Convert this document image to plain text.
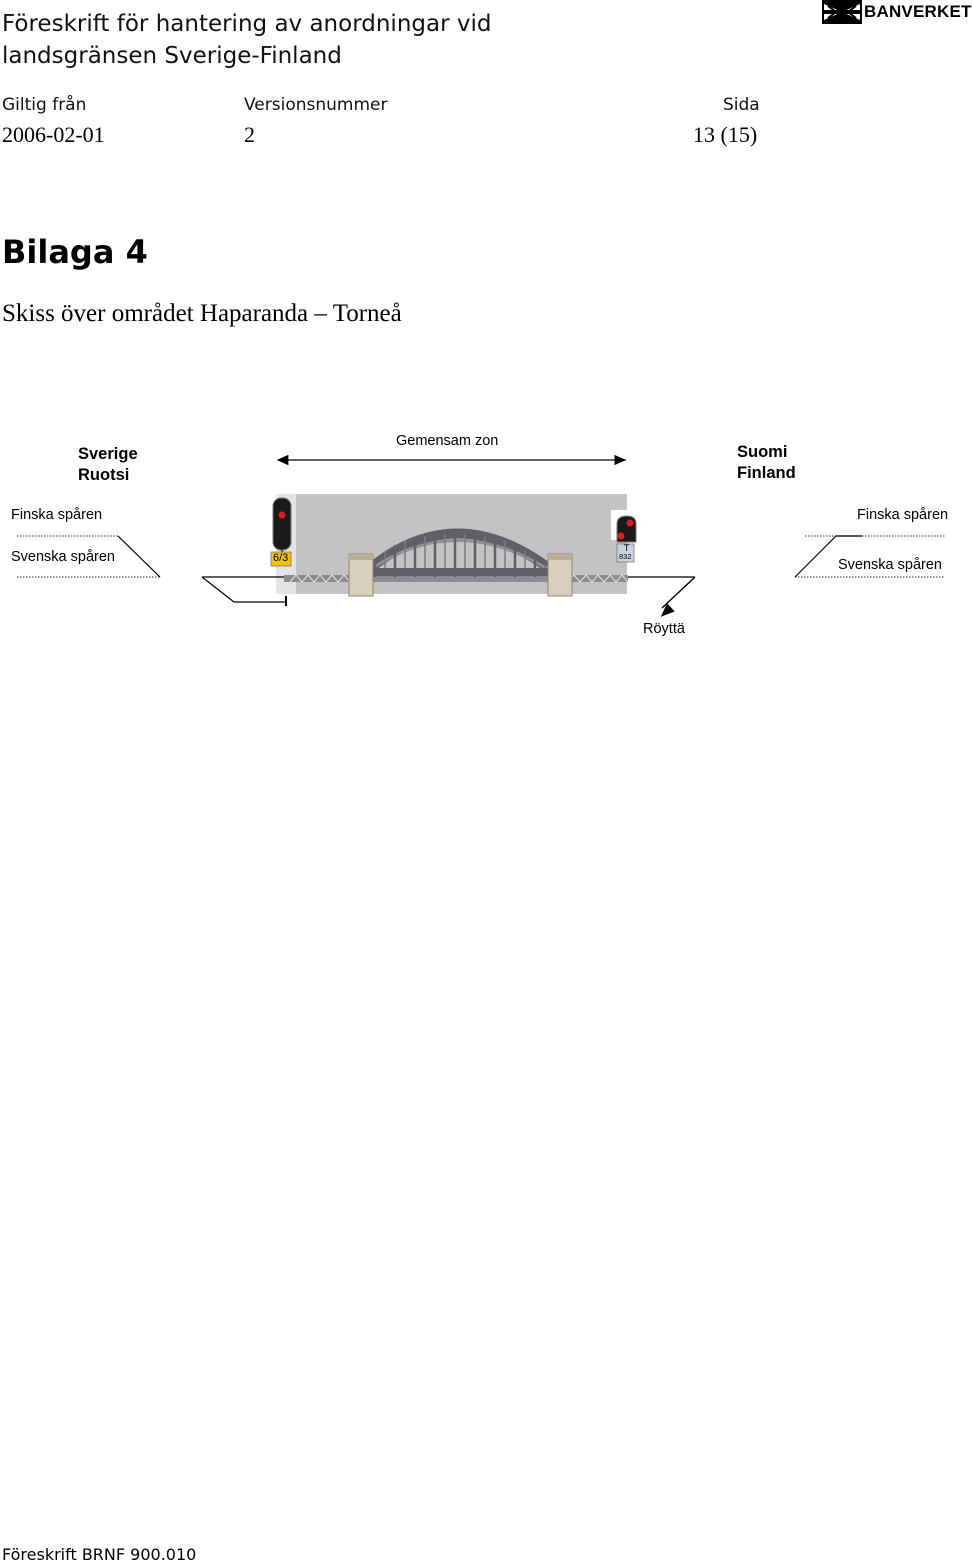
Föreskrift för hantering av anordningar vid landsgränsen Sverige-Finland
BANVERKET
Giltig från	Versionsnummer	Sida
2006-02-01	2	13 (15)
Bilaga 4
Skiss över området Haparanda – Torneå
Sverige
Ruotsi
Suomi
Finland
Gemensam zon
Finska spåren
Svenska spåren
Finska spåren
Svenska spåren
6/3
T
832
Röyttä
Föreskrift BRNF 900.010
